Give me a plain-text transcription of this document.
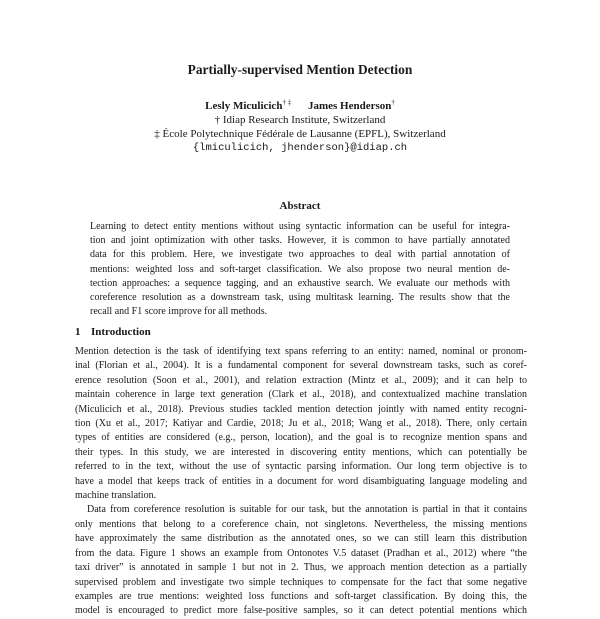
Partially-supervised Mention Detection
Lesly Miculicich† ‡ James Henderson†
† Idiap Research Institute, Switzerland
‡ École Polytechnique Fédérale de Lausanne (EPFL), Switzerland
{lmiculicich, jhenderson}@idiap.ch
Abstract
Learning to detect entity mentions without using syntactic information can be useful for integra-
tion and joint optimization with other tasks. However, it is common to have partially annotated
data for this problem. Here, we investigate two approaches to deal with partial annotation of
mentions: weighted loss and soft-target classification. We also propose two neural mention de-
tection approaches: a sequence tagging, and an exhaustive search. We evaluate our methods with
coreference resolution as a downstream task, using multitask learning. The results show that the
recall and F1 score improve for all methods.
1 Introduction
Mention detection is the task of identifying text spans referring to an entity: named, nominal or pronom-
inal (Florian et al., 2004). It is a fundamental component for several downstream tasks, such as coref-
erence resolution (Soon et al., 2001), and relation extraction (Mintz et al., 2009); and it can help to
maintain coherence in large text generation (Clark et al., 2018), and contextualized machine translation
(Miculicich et al., 2018). Previous studies tackled mention detection jointly with named entity recogni-
tion (Xu et al., 2017; Katiyar and Cardie, 2018; Ju et al., 2018; Wang et al., 2018). There, only certain
types of entities are considered (e.g., person, location), and the goal is to recognize mention spans and
their types. In this study, we are interested in discovering entity mentions, which can potentially be
referred to in the text, without the use of syntactic parsing information. Our long term objective is to
have a model that keeps track of entities in a document for word disambiguating language modeling and
machine translation.
Data from coreference resolution is suitable for our task, but the annotation is partial in that it contains
only mentions that belong to a coreference chain, not singletons. Nevertheless, the missing mentions
have approximately the same distribution as the annotated ones, so we can still learn this distribution
from the data. Figure 1 shows an example from Ontonotes V.5 dataset (Pradhan et al., 2012) where “the
taxi driver” is annotated in sample 1 but not in 2. Thus, we approach mention detection as a partially
supervised problem and investigate two simple techniques to compensate for the fact that some negative
examples are true mentions: weighted loss functions and soft-target classification. By doing this, the
model is encouraged to predict more false-positive samples, so it can detect potential mentions which
